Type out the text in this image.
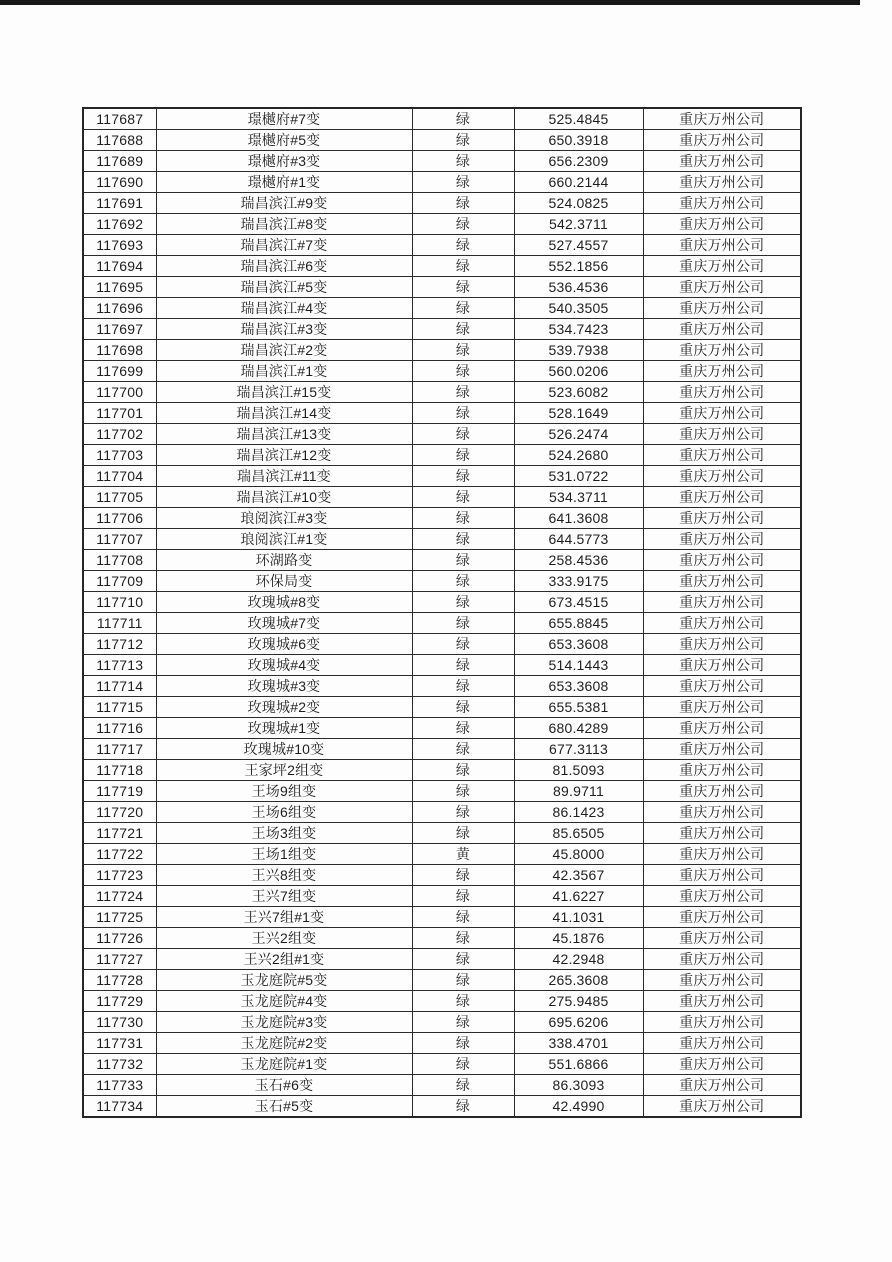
117687	璟樾府#7变	绿	525.4845	重庆万州公司
117688	璟樾府#5变	绿	650.3918	重庆万州公司
117689	璟樾府#3变	绿	656.2309	重庆万州公司
117690	璟樾府#1变	绿	660.2144	重庆万州公司
117691	瑞昌滨江#9变	绿	524.0825	重庆万州公司
117692	瑞昌滨江#8变	绿	542.3711	重庆万州公司
117693	瑞昌滨江#7变	绿	527.4557	重庆万州公司
117694	瑞昌滨江#6变	绿	552.1856	重庆万州公司
117695	瑞昌滨江#5变	绿	536.4536	重庆万州公司
117696	瑞昌滨江#4变	绿	540.3505	重庆万州公司
117697	瑞昌滨江#3变	绿	534.7423	重庆万州公司
117698	瑞昌滨江#2变	绿	539.7938	重庆万州公司
117699	瑞昌滨江#1变	绿	560.0206	重庆万州公司
117700	瑞昌滨江#15变	绿	523.6082	重庆万州公司
117701	瑞昌滨江#14变	绿	528.1649	重庆万州公司
117702	瑞昌滨江#13变	绿	526.2474	重庆万州公司
117703	瑞昌滨江#12变	绿	524.2680	重庆万州公司
117704	瑞昌滨江#11变	绿	531.0722	重庆万州公司
117705	瑞昌滨江#10变	绿	534.3711	重庆万州公司
117706	琅阅滨江#3变	绿	641.3608	重庆万州公司
117707	琅阅滨江#1变	绿	644.5773	重庆万州公司
117708	环湖路变	绿	258.4536	重庆万州公司
117709	环保局变	绿	333.9175	重庆万州公司
117710	玫瑰城#8变	绿	673.4515	重庆万州公司
117711	玫瑰城#7变	绿	655.8845	重庆万州公司
117712	玫瑰城#6变	绿	653.3608	重庆万州公司
117713	玫瑰城#4变	绿	514.1443	重庆万州公司
117714	玫瑰城#3变	绿	653.3608	重庆万州公司
117715	玫瑰城#2变	绿	655.5381	重庆万州公司
117716	玫瑰城#1变	绿	680.4289	重庆万州公司
117717	玫瑰城#10变	绿	677.3113	重庆万州公司
117718	王家坪2组变	绿	81.5093	重庆万州公司
117719	王场9组变	绿	89.9711	重庆万州公司
117720	王场6组变	绿	86.1423	重庆万州公司
117721	王场3组变	绿	85.6505	重庆万州公司
117722	王场1组变	黄	45.8000	重庆万州公司
117723	王兴8组变	绿	42.3567	重庆万州公司
117724	王兴7组变	绿	41.6227	重庆万州公司
117725	王兴7组#1变	绿	41.1031	重庆万州公司
117726	王兴2组变	绿	45.1876	重庆万州公司
117727	王兴2组#1变	绿	42.2948	重庆万州公司
117728	玉龙庭院#5变	绿	265.3608	重庆万州公司
117729	玉龙庭院#4变	绿	275.9485	重庆万州公司
117730	玉龙庭院#3变	绿	695.6206	重庆万州公司
117731	玉龙庭院#2变	绿	338.4701	重庆万州公司
117732	玉龙庭院#1变	绿	551.6866	重庆万州公司
117733	玉石#6变	绿	86.3093	重庆万州公司
117734	玉石#5变	绿	42.4990	重庆万州公司
